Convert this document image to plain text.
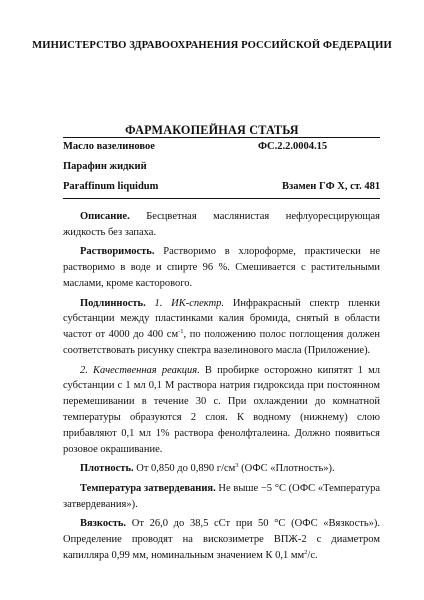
МИНИСТЕРСТВО ЗДРАВООХРАНЕНИЯ РОССИЙСКОЙ ФЕДЕРАЦИИ
ФАРМАКОПЕЙНАЯ СТАТЬЯ
Масло вазелиновое	ФС.2.2.0004.15
Парафин жидкий
Paraffinum liquidum	Взамен ГФ X, ст. 481

Описание. Бесцветная маслянистая нефлуоресцирующая жидкость без запаха.

Растворимость. Растворимо в хлороформе, практически не растворимо в воде и спирте 96 %. Смешивается с растительными маслами, кроме касторового.

Подлинность. 1. ИК-спектр. Инфракрасный спектр пленки субстанции между пластинками калия бромида, снятый в области частот от 4000 до 400 $см^{-1}$, по положению полос поглощения должен соответствовать рисунку спектра вазелинового масла (Приложение).

2. Качественная реакция. В пробирке осторожно кипятят 1 мл субстанции с 1 мл 0,1 М раствора натрия гидроксида при постоянном перемешивании в течение 30 с. При охлаждении до комнатной температуры образуются 2 слоя. К водному (нижнему) слою прибавляют 0,1 мл 1% раствора фенолфталеина. Должно появиться розовое окрашивание.

Плотность. От 0,850 до 0,890 $г/см^3$ (ОФС «Плотность»).

Температура затвердевания. Не выше −5 °С (ОФС «Температура затвердевания»).

Вязкость. От 26,0 до 38,5 сСт при 50 °С (ОФС «Вязкость»). Определение проводят на вискозиметре ВПЖ-2 с диаметром капилляра 0,99 мм, номинальным значением К 0,1 $мм^2/с$.
